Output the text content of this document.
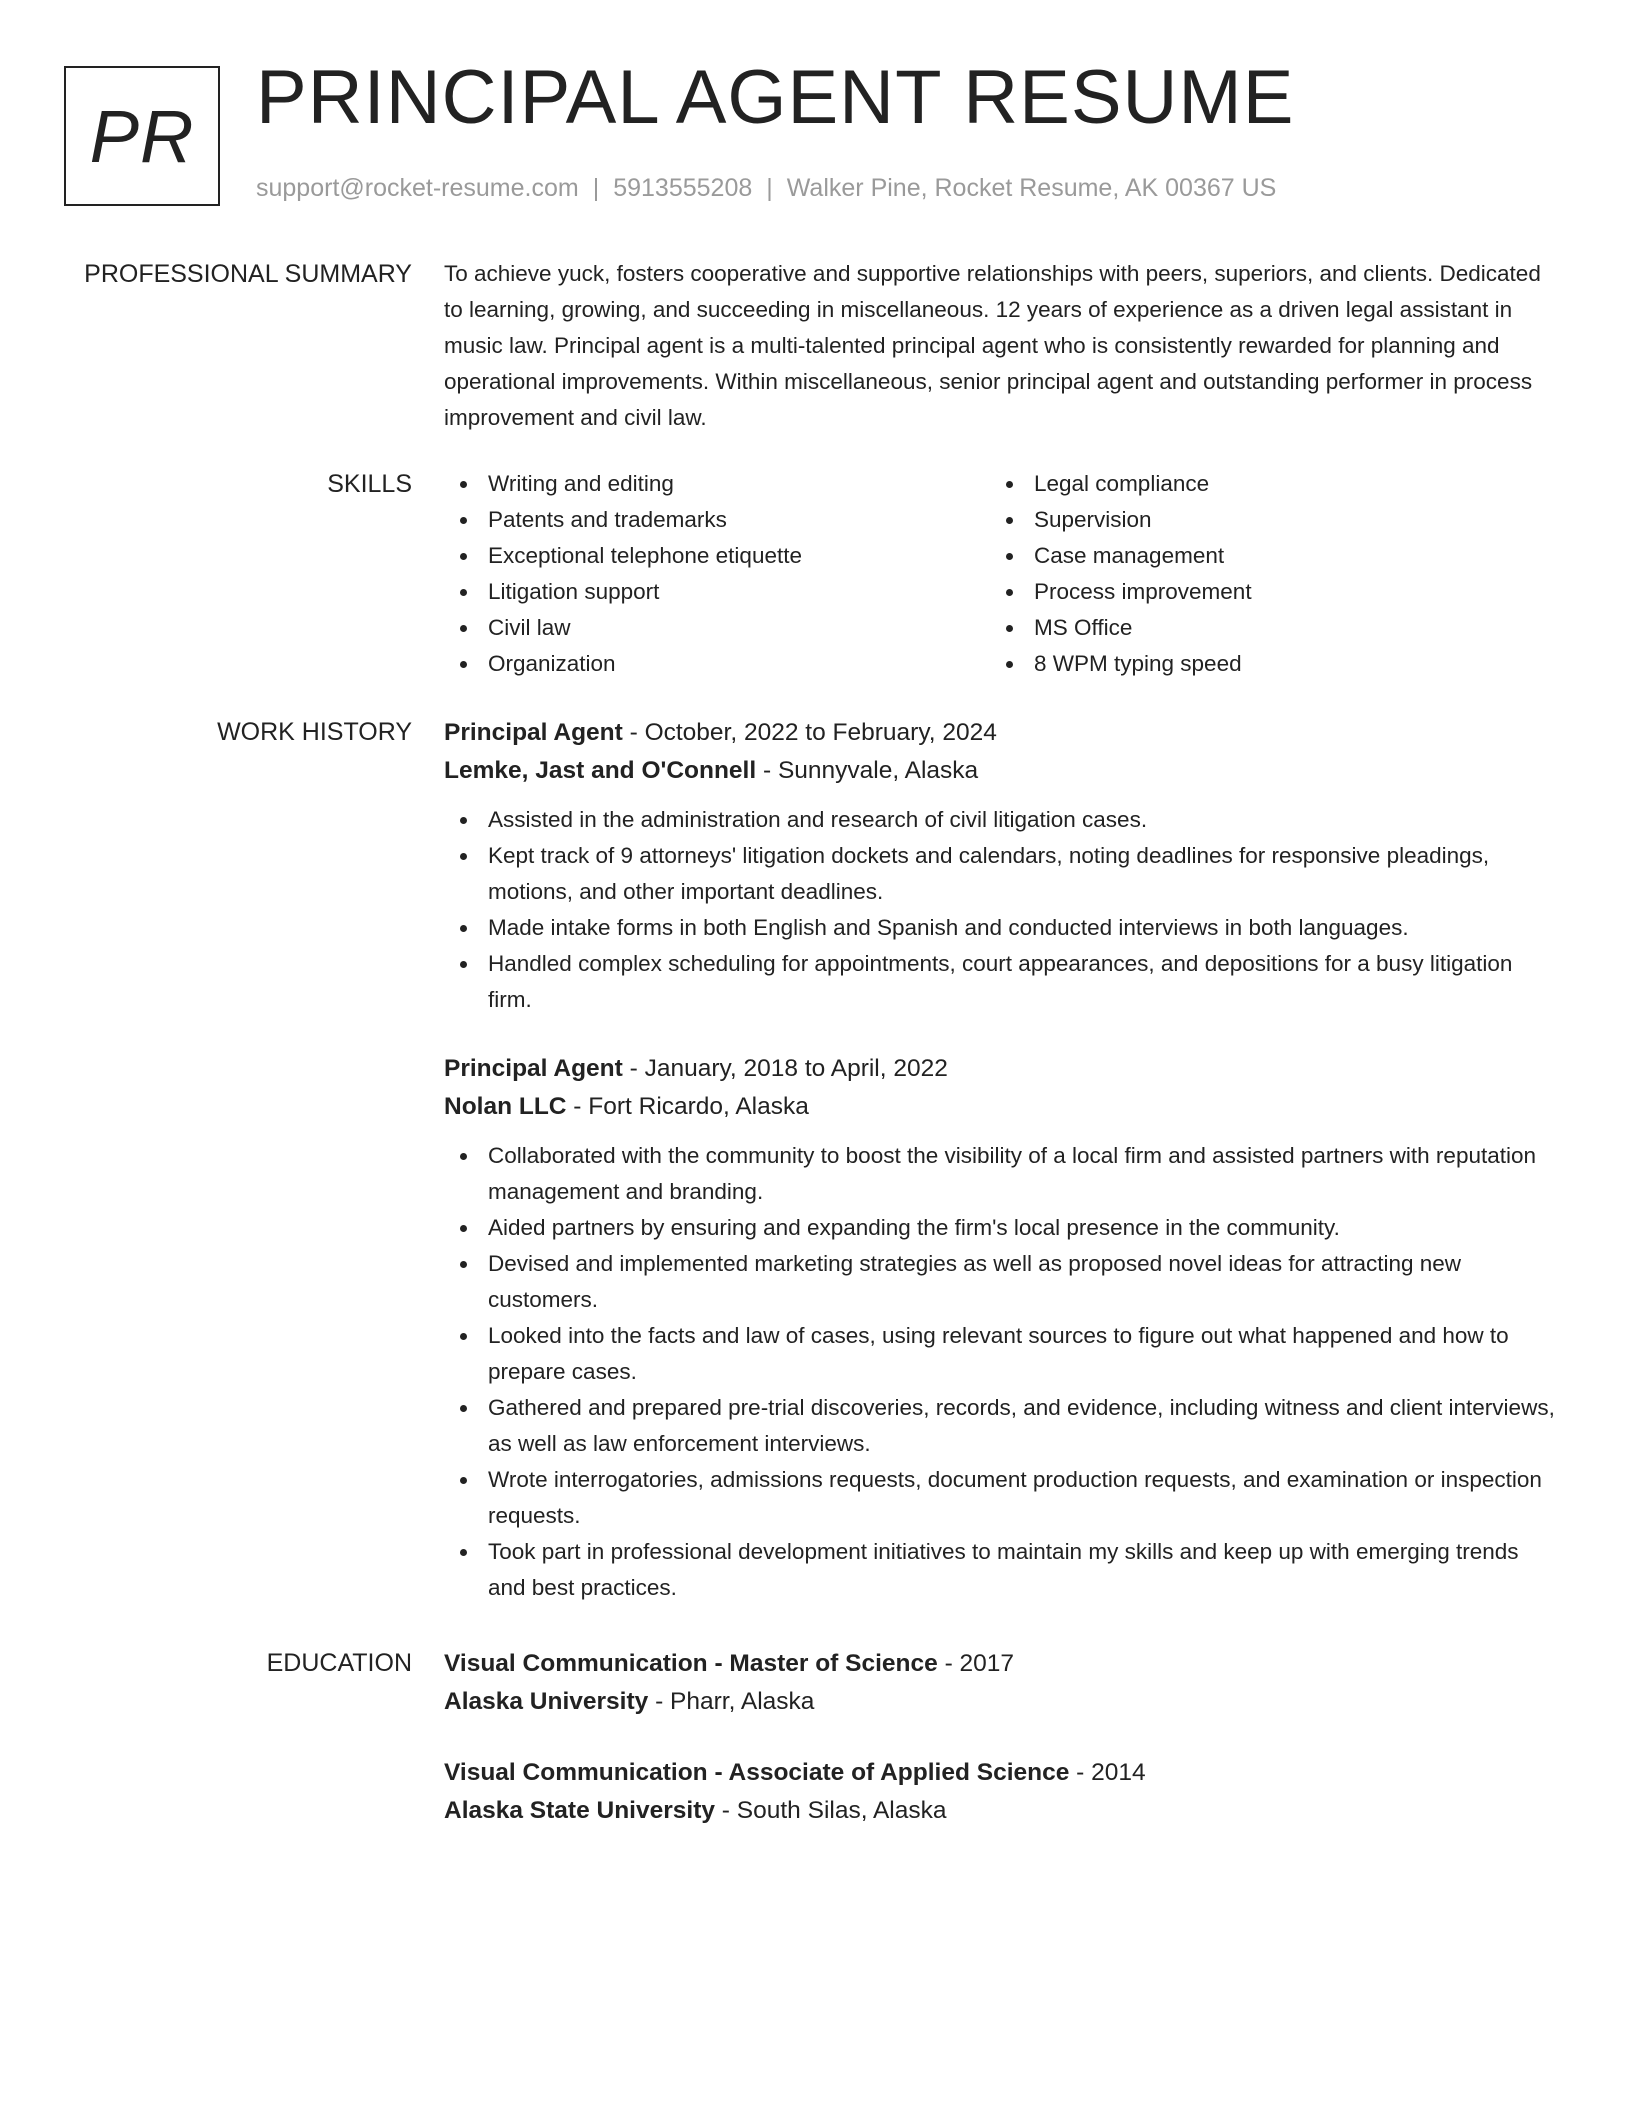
PR PRINCIPAL AGENT RESUME
support@rocket-resume.com | 5913555208 | Walker Pine, Rocket Resume, AK 00367 US
PROFESSIONAL SUMMARY To achieve yuck, fosters cooperative and supportive relationships with peers, superiors, and clients. Dedicated to learning, growing, and succeeding in miscellaneous. 12 years of experience as a driven legal assistant in music law. Principal agent is a multi-talented principal agent who is consistently rewarded for planning and operational improvements. Within miscellaneous, senior principal agent and outstanding performer in process improvement and civil law.

SKILLS	Writing and editing
Patents and trademarks
Exceptional telephone etiquette
Litigation support
Civil law
Organization
Legal compliance
Supervision
Case management
Process improvement
MS Office
8 WPM typing speed
WORK HISTORY Principal Agent - October, 2022 to February, 2024
Lemke, Jast and O'Connell - Sunnyvale, Alaska
Assisted in the administration and research of civil litigation cases.
Kept track of 9 attorneys' litigation dockets and calendars, noting deadlines for responsive pleadings, motions, and other important deadlines.
Made intake forms in both English and Spanish and conducted interviews in both languages.
Handled complex scheduling for appointments, court appearances, and depositions for a busy litigation firm.
Principal Agent - January, 2018 to April, 2022
Nolan LLC - Fort Ricardo, Alaska
Collaborated with the community to boost the visibility of a local firm and assisted partners with reputation management and branding.
Aided partners by ensuring and expanding the firm's local presence in the community.
Devised and implemented marketing strategies as well as proposed novel ideas for attracting new customers.
Looked into the facts and law of cases, using relevant sources to figure out what happened and how to prepare cases.
Gathered and prepared pre-trial discoveries, records, and evidence, including witness and client interviews, as well as law enforcement interviews.
Wrote interrogatories, admissions requests, document production requests, and examination or inspection requests.
Took part in professional development initiatives to maintain my skills and keep up with emerging trends and best practices.
EDUCATION Visual Communication - Master of Science - 2017
Alaska University - Pharr, Alaska
Visual Communication - Associate of Applied Science - 2014
Alaska State University - South Silas, Alaska
